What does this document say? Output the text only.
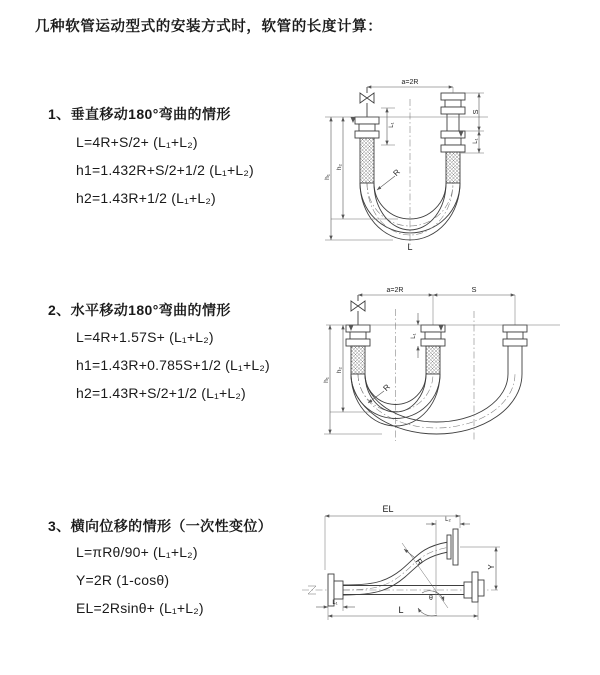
几种软管运动型式的安装方式时，软管的长度计算：
1、垂直移动180°弯曲的情形
L=4R+S/2+ (L₁+L₂)
h1=1.432R+S/2+1/2 (L₁+L₂)
h2=1.43R+1/2 (L₁+L₂)
2、水平移动180°弯曲的情形
L=4R+1.57S+ (L₁+L₂)
h1=1.43R+0.785S+1/2 (L₁+L₂)
h2=1.43R+S/2+1/2 (L₁+L₂)
3、横向位移的情形（一次性变位）
L=πRθ/90+ (L₁+L₂)
Y=2R (1-cosθ)
EL=2Rsinθ+ (L₁+L₂)
a=2R
S
L₁
L₁
h₁
h₂
R
L
a=2R	S
L₁
h₁
h₂
R
EL
L₂
Y
R
θ
L
L₁
